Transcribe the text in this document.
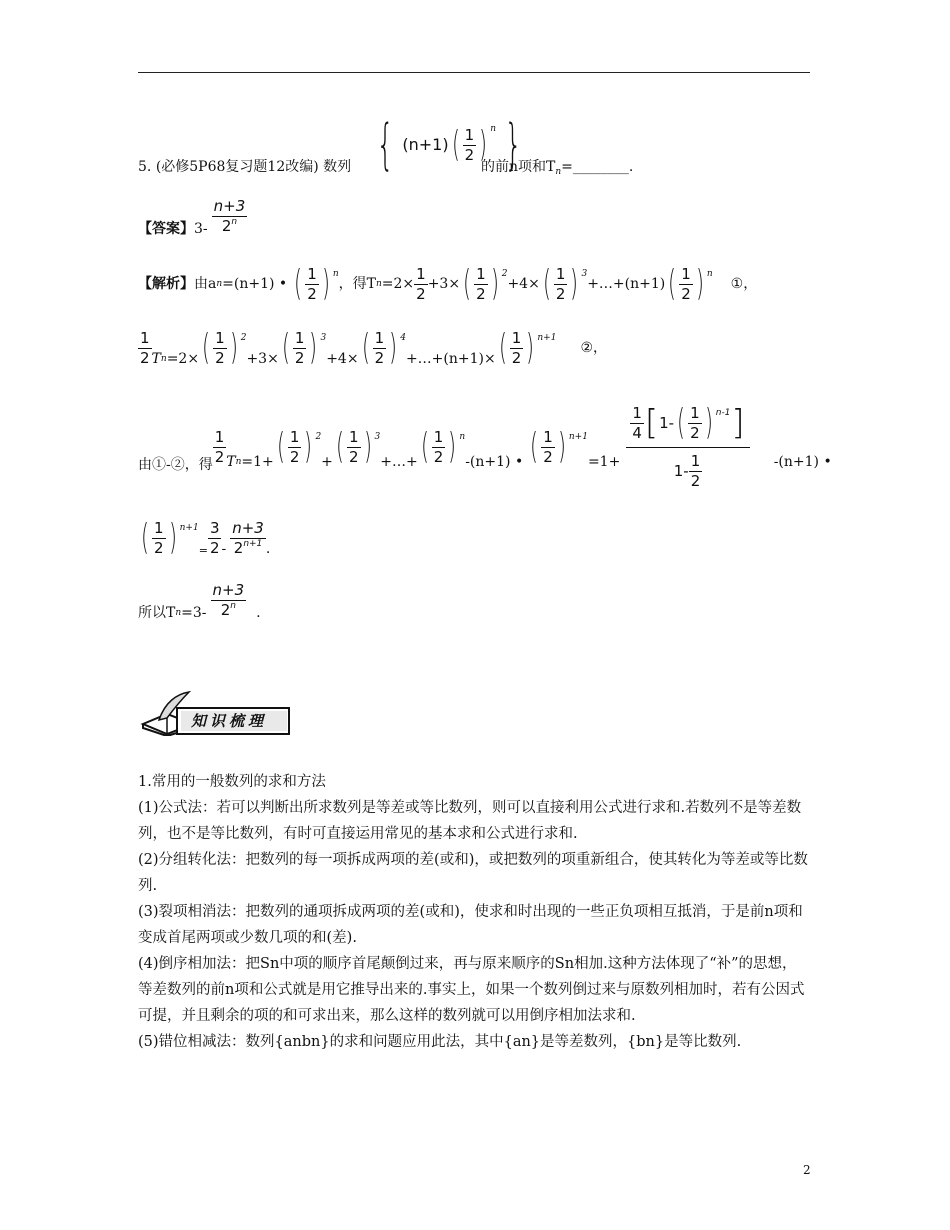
5. (必修5P68复习题12改编) 数列 { (n+1) ( $\frac{1}{2}$ ) n }
的前n项和$T_n=\_\_\_\_\_\_\_\_$.
【答案】 $3- \frac{n+3}{2^n}$
【解析】 由a n =(n+1) • ( $\frac{1}{2}$ ) n
，得T $n =2\times \frac{1}{2} +3\times$ ( $\frac{1}{2}$ ) 2
+4× ( $\frac{1}{2}$ ) 3
+…+(n+1) ( $\frac{1}{2}$ ) n
①，
$\frac{1}{2}$ T n =2× ( $\frac{1}{2}$ ) 2
+3× ( $\frac{1}{2}$ ) 3
+4× ( $\frac{1}{2}$ ) 4
+…+(n+1)× ( $\frac{1}{2}$ ) n+1
②，
由①-②，得
$\frac{1}{2}$ T n =1+ ( $\frac{1}{2}$ ) 2
+ ( $\frac{1}{2}$ ) 3
+…+ ( $\frac{1}{2}$ ) n
-(n+1) • ( $\frac{1}{2}$ ) n+1
$=1+ \frac{\frac{1}{4} [ 1- ( \frac{1}{2} ) n-1 ]}{1- \frac{1}{2}} -(n+1)$ •
( $\frac{1}{2}$ ) n+1
= $\frac{3}{2} - \frac{n+3}{2^{n+1}}$ .
所以T $n =3- \frac{n+3}{2^n}$ .
知识梳理
1.常用的一般数列的求和方法
(1)公式法：若可以判断出所求数列是等差或等比数列，则可以直接利用公式进行求和.若数列不是等差数列，也不是等比数列，有时可直接运用常见的基本求和公式进行求和.
(2)分组转化法：把数列的每一项拆成两项的差(或和)，或把数列的项重新组合，使其转化为等差或等比数列.
(3)裂项相消法：把数列的通项拆成两项的差(或和)，使求和时出现的一些正负项相互抵消，于是前n项和变成首尾两项或少数几项的和(差).
(4)倒序相加法：把Sn中项的顺序首尾颠倒过来，再与原来顺序的Sn相加.这种方法体现了“补”的思想，等差数列的前n项和公式就是用它推导出来的.事实上，如果一个数列倒过来与原数列相加时，若有公因式可提，并且剩余的项的和可求出来，那么这样的数列就可以用倒序相加法求和.
(5)错位相减法：数列{anbn}的求和问题应用此法，其中{an}是等差数列，{bn}是等比数列.
2
